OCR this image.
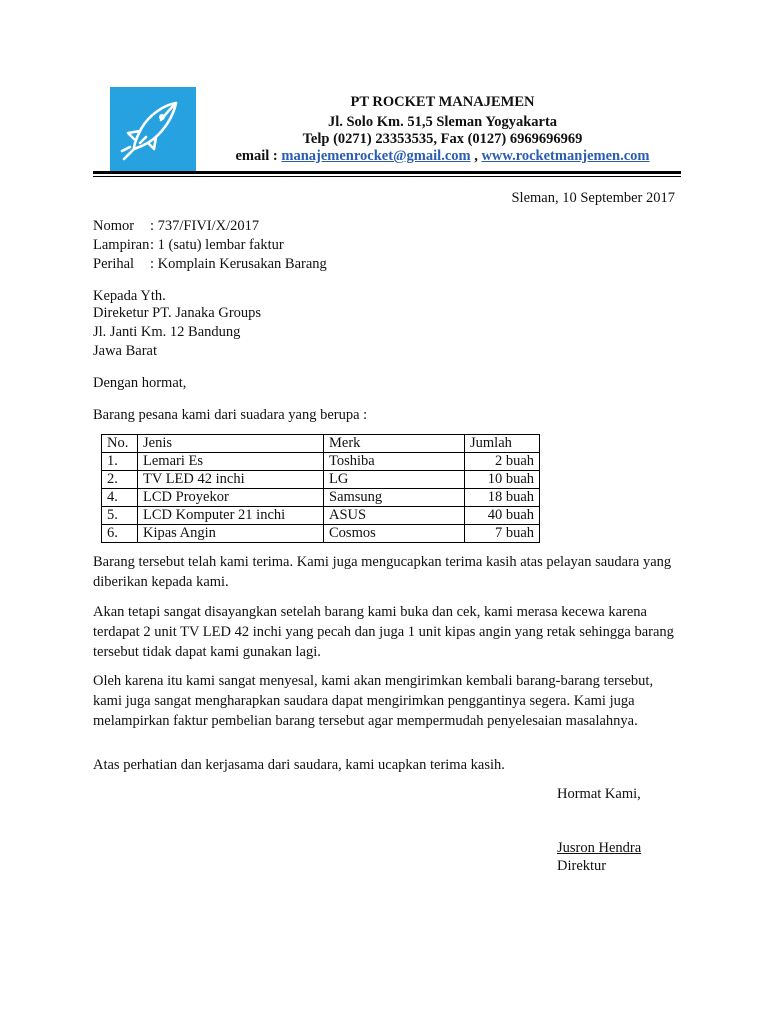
PT ROCKET MANAJEMEN
Jl. Solo Km. 51,5 Sleman Yogyakarta
Telp (0271) 23353535, Fax (0127) 6969696969
email : manajemenrocket@gmail.com , www.rocketmanjemen.com
Sleman, 10 September 2017
Nomor : 737/FIVI/X/2017
Lampiran : 1 (satu) lembar faktur
Perihal : Komplain Kerusakan Barang
Kepada Yth.
Direketur PT. Janaka Groups
Jl. Janti Km. 12 Bandung
Jawa Barat
Dengan hormat,
Barang pesana kami dari suadara yang berupa :
No.	Jenis	Merk	Jumlah
1.	Lemari Es	Toshiba	2 buah
2.	TV LED 42 inchi	LG	10 buah
4.	LCD Proyekor	Samsung	18 buah
5.	LCD Komputer 21 inchi	ASUS	40 buah
6.	Kipas Angin	Cosmos	7 buah
Barang tersebut telah kami terima. Kami juga mengucapkan terima kasih atas pelayan saudara yang diberikan kepada kami.
Akan tetapi sangat disayangkan setelah barang kami buka dan cek, kami merasa kecewa karena terdapat 2 unit TV LED 42 inchi yang pecah dan juga 1 unit kipas angin yang retak sehingga barang tersebut tidak dapat kami gunakan lagi.
Oleh karena itu kami sangat menyesal, kami akan mengirimkan kembali barang-barang tersebut, kami juga sangat mengharapkan saudara dapat mengirimkan penggantinya segera. Kami juga melampirkan faktur pembelian barang tersebut agar mempermudah penyelesaian masalahnya.
Atas perhatian dan kerjasama dari saudara, kami ucapkan terima kasih.
Hormat Kami,
Jusron Hendra
Direktur
